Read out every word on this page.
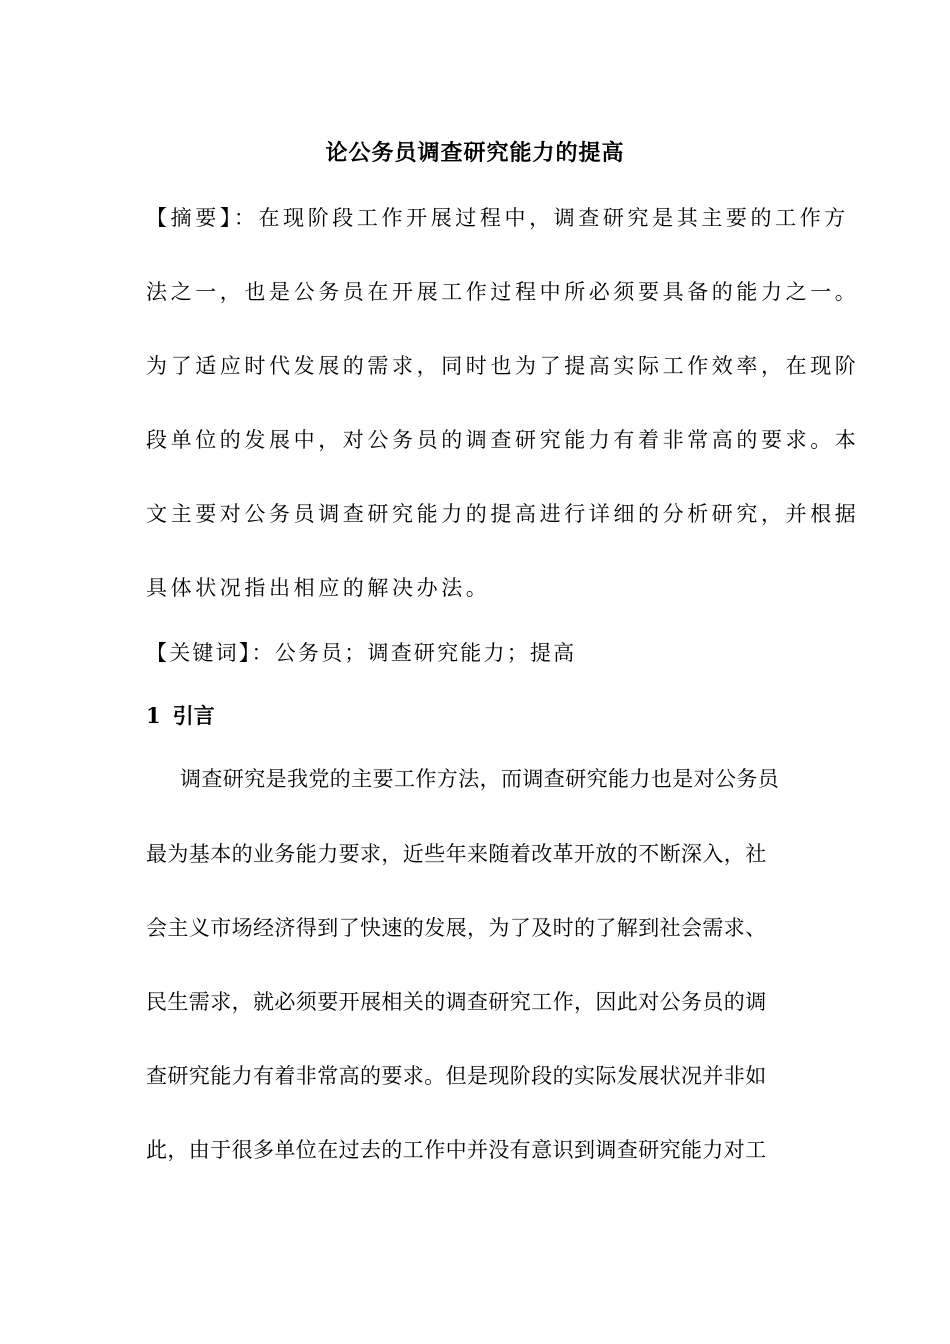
论公务员调查研究能力的提高
【摘要】：在现阶段工作开展过程中，调查研究是其主要的工作方
法之一，也是公务员在开展工作过程中所必须要具备的能力之一。
为了适应时代发展的需求，同时也为了提高实际工作效率，在现阶
段单位的发展中，对公务员的调查研究能力有着非常高的要求。本
文主要对公务员调查研究能力的提高进行详细的分析研究，并根据
具体状况指出相应的解决办法。
【关键词】：公务员；调查研究能力；提高
1 引言
调查研究是我党的主要工作方法，而调查研究能力也是对公务员
最为基本的业务能力要求，近些年来随着改革开放的不断深入，社
会主义市场经济得到了快速的发展，为了及时的了解到社会需求、
民生需求，就必须要开展相关的调查研究工作，因此对公务员的调
查研究能力有着非常高的要求。但是现阶段的实际发展状况并非如
此，由于很多单位在过去的工作中并没有意识到调查研究能力对工
